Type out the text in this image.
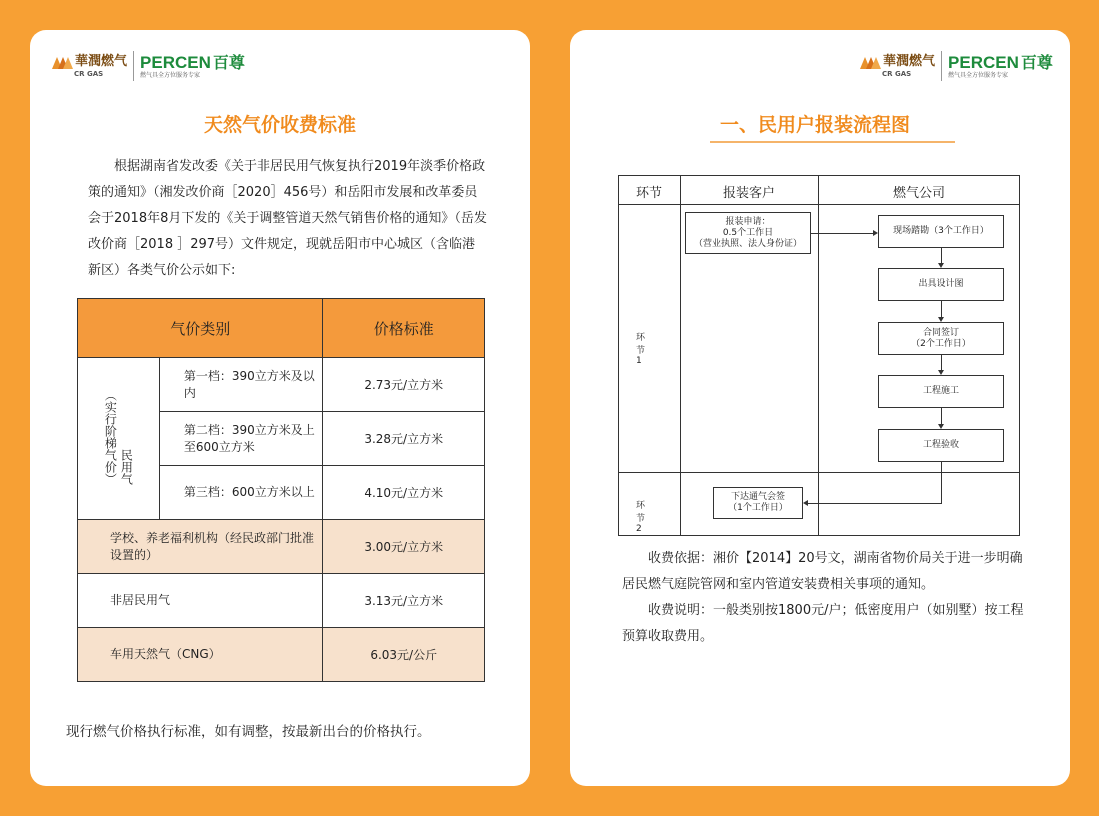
華潤燃气
CR GAS
PERCEN 百尊
燃气具全方位服务专家
天然气价收费标准
根据湖南省发改委《关于非居民用气恢复执行2019年淡季价格政策的通知》（湘发改价商［2020］456号）和岳阳市发展和改革委员会于2018年8月下发的《关于调整管道天然气销售价格的通知》（岳发改价商［2018 ］297号）文件规定，现就岳阳市中心城区（含临港新区）各类气价公示如下:
气价类别		价格标准
（实行阶梯气价） 民用气	第一档：390立方米及以内	2.73元/立方米
	第二档：390立方米及上至600立方米	3.28元/立方米
	第三档：600立方米以上	4.10元/立方米
学校、养老福利机构（经民政部门批准设置的）		3.00元/立方米
非居民用气		3.13元/立方米
车用天然气（CNG）		6.03元/公斤
现行燃气价格执行标准，如有调整，按最新出台的价格执行。
華潤燃气
CR GAS
PERCEN 百尊
燃气具全方位服务专家
一、民用户报装流程图
环节	报装客户	燃气公司
环节1
环节2
报装申请：
0.5个工作日
（营业执照、法人身份证）
现场踏勘（3个工作日）
出具设计图
合同签订
（2个工作日）
工程施工
工程验收
下达通气会签
（1个工作日）

收费依据：湘价【2014】20号文，湖南省物价局关于进一步明确居民燃气庭院管网和室内管道安装费相关事项的通知。

收费说明：一般类别按1800元/户；低密度用户（如别墅）按工程预算收取费用。
